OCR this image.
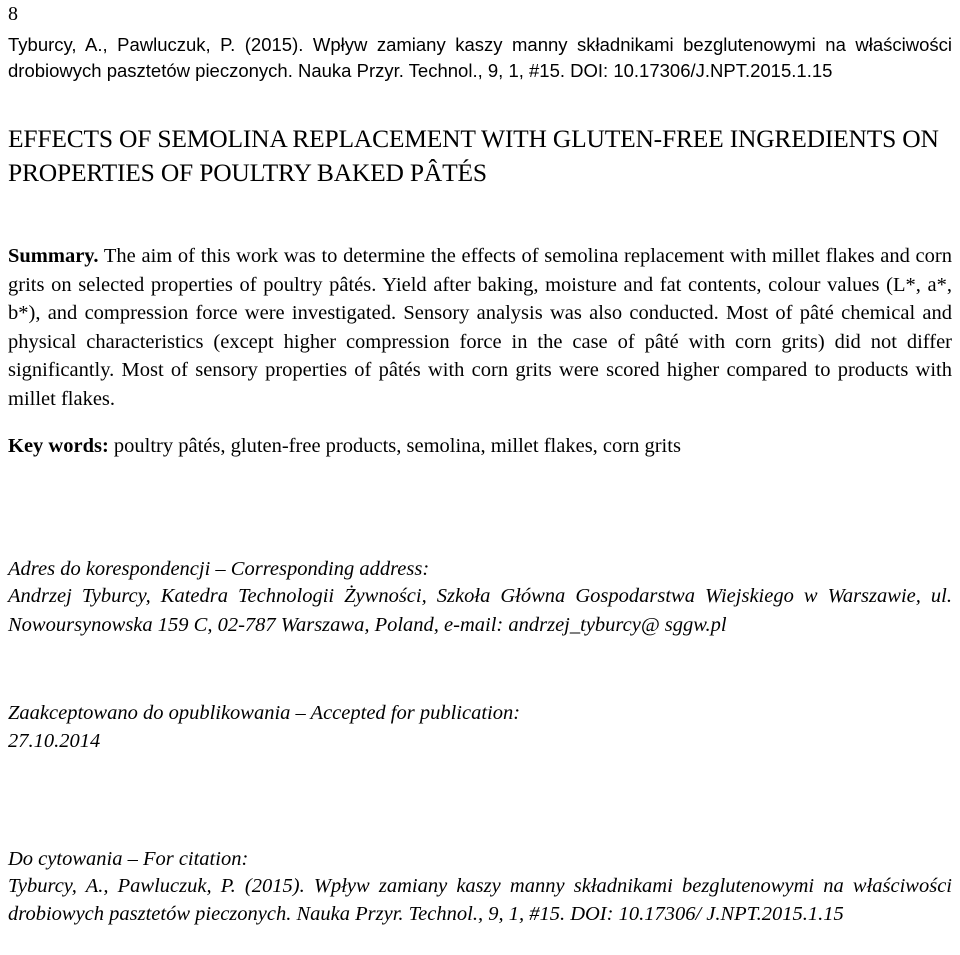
8
Tyburcy, A., Pawluczuk, P. (2015). Wpływ zamiany kaszy manny składnikami bezglutenowymi na właściwości drobiowych pasztetów pieczonych. Nauka Przyr. Technol., 9, 1, #15. DOI: 10.17306/J.NPT.2015.1.15
EFFECTS OF SEMOLINA REPLACEMENT WITH GLUTEN-FREE INGREDIENTS ON PROPERTIES OF POULTRY BAKED PÂTÉS
Summary. The aim of this work was to determine the effects of semolina replacement with millet flakes and corn grits on selected properties of poultry pâtés. Yield after baking, moisture and fat contents, colour values (L*, a*, b*), and compression force were investigated. Sensory analysis was also conducted. Most of pâté chemical and physical characteristics (except higher compression force in the case of pâté with corn grits) did not differ significantly. Most of sensory properties of pâtés with corn grits were scored higher compared to products with millet flakes.
Key words: poultry pâtés, gluten-free products, semolina, millet flakes, corn grits
Adres do korespondencji – Corresponding address:
Andrzej Tyburcy, Katedra Technologii Żywności, Szkoła Główna Gospodarstwa Wiejskiego w Warszawie, ul. Nowoursynowska 159 C, 02-787 Warszawa, Poland, e-mail: andrzej_tyburcy@ sggw.pl
Zaakceptowano do opublikowania – Accepted for publication:
27.10.2014
Do cytowania – For citation:
Tyburcy, A., Pawluczuk, P. (2015). Wpływ zamiany kaszy manny składnikami bezglutenowymi na właściwości drobiowych pasztetów pieczonych. Nauka Przyr. Technol., 9, 1, #15. DOI: 10.17306/ J.NPT.2015.1.15
